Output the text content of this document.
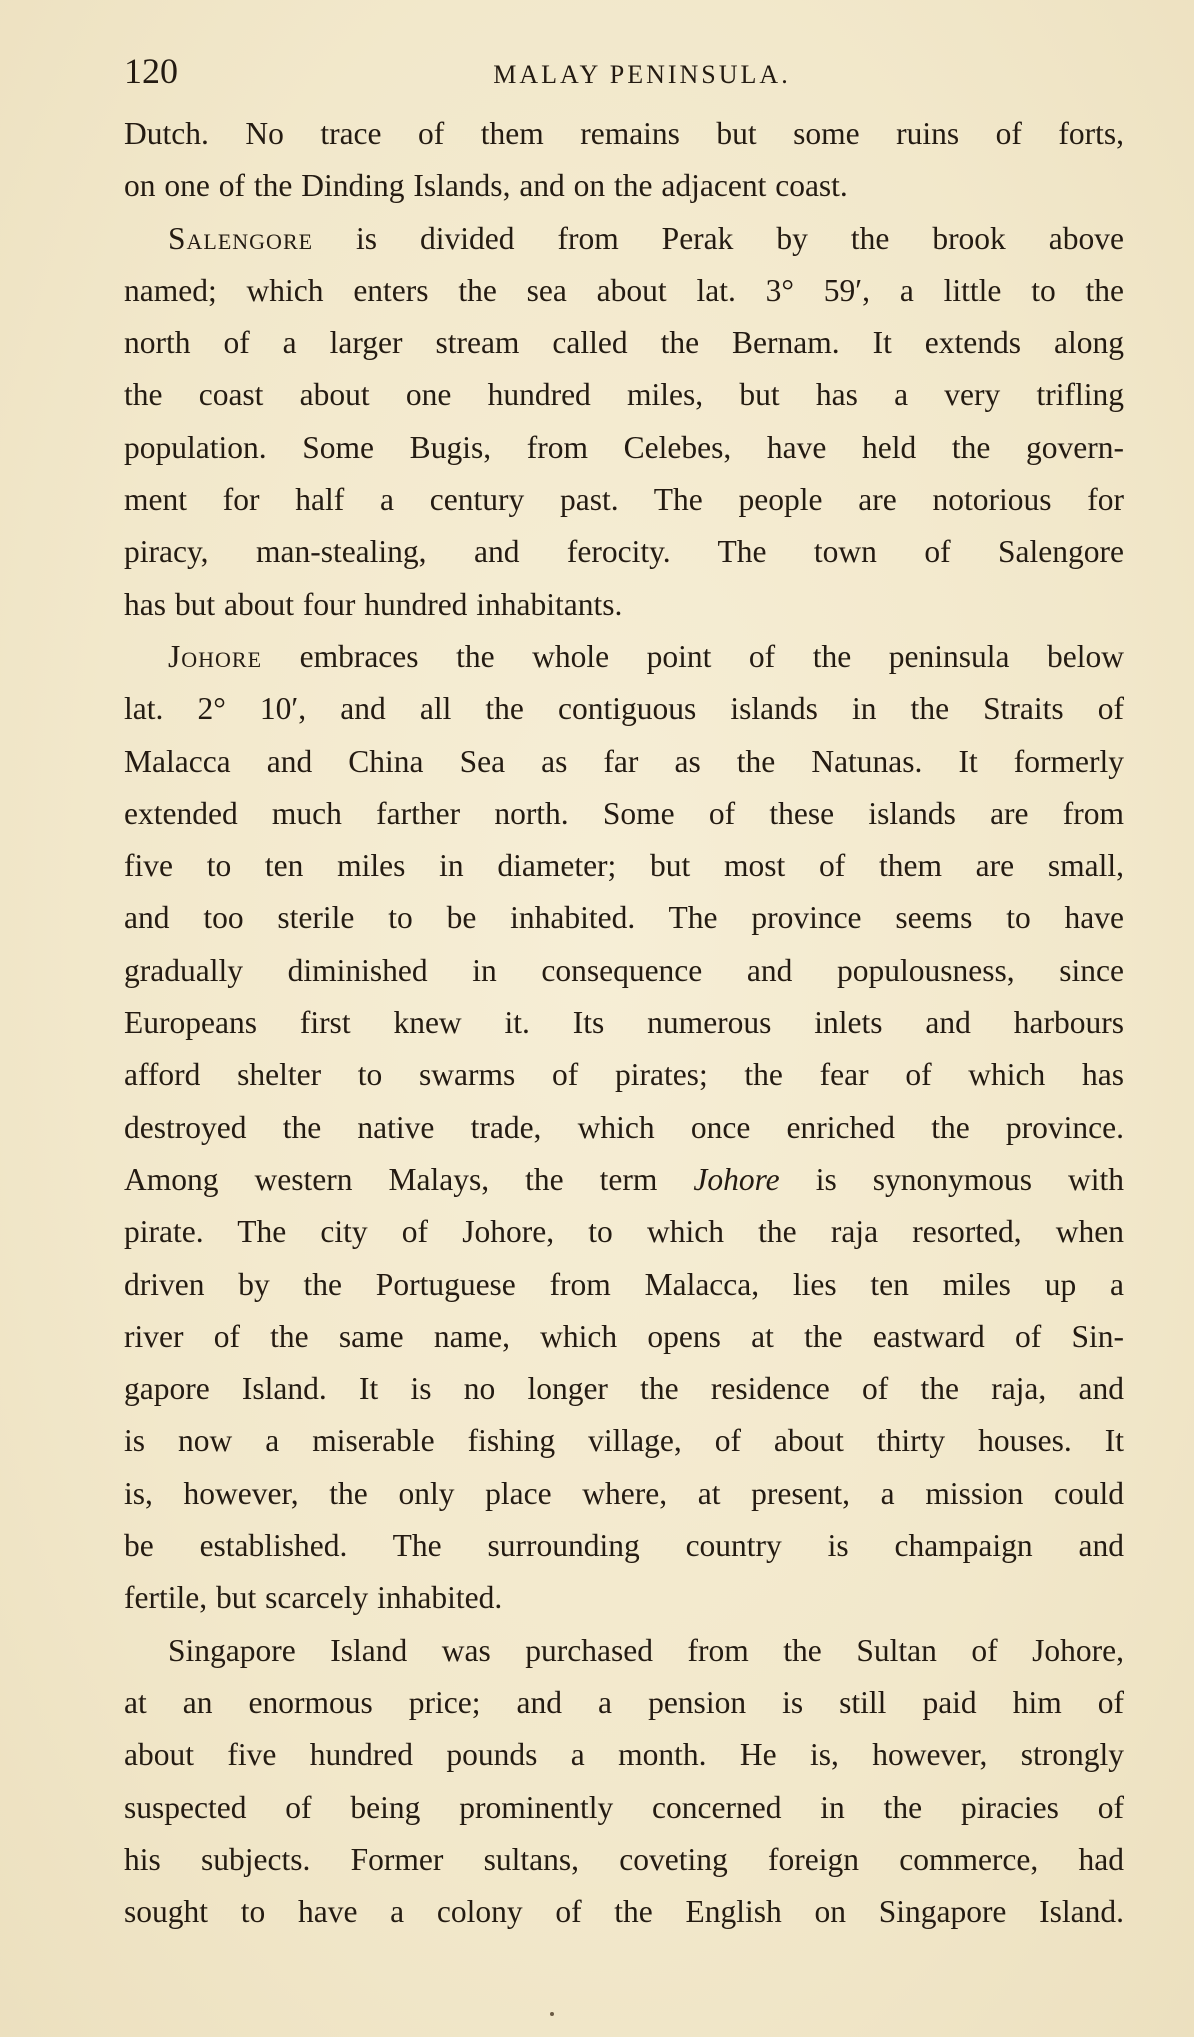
120	MALAY PENINSULA.
Dutch. No trace of them remains but some ruins of forts,
on one of the Dinding Islands, and on the adjacent coast.
Salengore is divided from Perak by the brook above
named; which enters the sea about lat. 3° 59′, a little to the
north of a larger stream called the Bernam. It extends along
the coast about one hundred miles, but has a very trifling
population. Some Bugis, from Celebes, have held the govern-
ment for half a century past. The people are notorious for
piracy, man-stealing, and ferocity. The town of Salengore
has but about four hundred inhabitants.
Johore embraces the whole point of the peninsula below
lat. 2° 10′, and all the contiguous islands in the Straits of
Malacca and China Sea as far as the Natunas. It formerly
extended much farther north. Some of these islands are from
five to ten miles in diameter; but most of them are small,
and too sterile to be inhabited. The province seems to have
gradually diminished in consequence and populousness, since
Europeans first knew it. Its numerous inlets and harbours
afford shelter to swarms of pirates; the fear of which has
destroyed the native trade, which once enriched the province.
Among western Malays, the term Johore is synonymous with
pirate. The city of Johore, to which the raja resorted, when
driven by the Portuguese from Malacca, lies ten miles up a
river of the same name, which opens at the eastward of Sin-
gapore Island. It is no longer the residence of the raja, and
is now a miserable fishing village, of about thirty houses. It
is, however, the only place where, at present, a mission could
be established. The surrounding country is champaign and
fertile, but scarcely inhabited.
Singapore Island was purchased from the Sultan of Johore,
at an enormous price; and a pension is still paid him of
about five hundred pounds a month. He is, however, strongly
suspected of being prominently concerned in the piracies of
his subjects. Former sultans, coveting foreign commerce, had
sought to have a colony of the English on Singapore Island.
